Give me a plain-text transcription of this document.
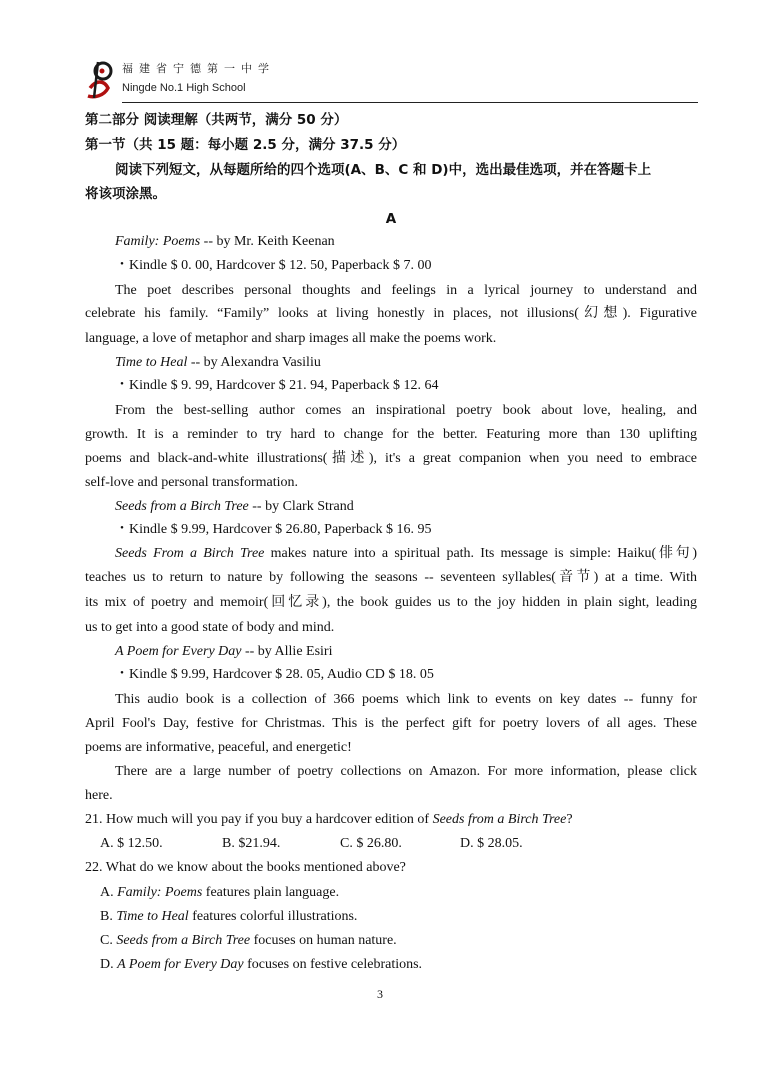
福建省宁德第一中学
Ningde No.1 High School
第二部分 阅读理解（共两节，满分 50 分）
第一节（共 15 题：每小题 2.5 分，满分 37.5 分）
阅读下列短文，从每题所给的四个选项(A、B、C 和 D)中，选出最佳选项，并在答题卡上
将该项涂黑。
A
Family: Poems -- by Mr. Keith Keenan
・Kindle $ 0. 00, Hardcover $ 12. 50, Paperback $ 7. 00
The poet describes personal thoughts and feelings in a lyrical journey to understand and
celebrate his family. “Family” looks at living honestly in places, not illusions(幻想). Figurative
language, a love of metaphor and sharp images all make the poems work.
Time to Heal -- by Alexandra Vasiliu
・Kindle $ 9. 99, Hardcover $ 21. 94, Paperback $ 12. 64
From the best-selling author comes an inspirational poetry book about love, healing, and
growth. It is a reminder to try hard to change for the better. Featuring more than 130 uplifting
poems and black-and-white illustrations(描述), it's a great companion when you need to embrace
self-love and personal transformation.
Seeds from a Birch Tree -- by Clark Strand
・Kindle $ 9.99, Hardcover $ 26.80, Paperback $ 16. 95
Seeds From a Birch Tree makes nature into a spiritual path. Its message is simple: Haiku(俳句)
teaches us to return to nature by following the seasons -- seventeen syllables(音节) at a time. With
its mix of poetry and memoir(回忆录), the book guides us to the joy hidden in plain sight, leading
us to get into a good state of body and mind.
A Poem for Every Day -- by Allie Esiri
・Kindle $ 9.99, Hardcover $ 28. 05, Audio CD $ 18. 05
This audio book is a collection of 366 poems which link to events on key dates -- funny for
April Fool's Day, festive for Christmas. This is the perfect gift for poetry lovers of all ages. These
poems are informative, peaceful, and energetic!
There are a large number of poetry collections on Amazon. For more information, please click
here.
21. How much will you pay if you buy a hardcover edition of Seeds from a Birch Tree?
A. $ 12.50.	B. $21.94.	C. $ 26.80.	D. $ 28.05.
22. What do we know about the books mentioned above?
A. Family: Poems features plain language.
B. Time to Heal features colorful illustrations.
C. Seeds from a Birch Tree focuses on human nature.
D. A Poem for Every Day focuses on festive celebrations.
3
